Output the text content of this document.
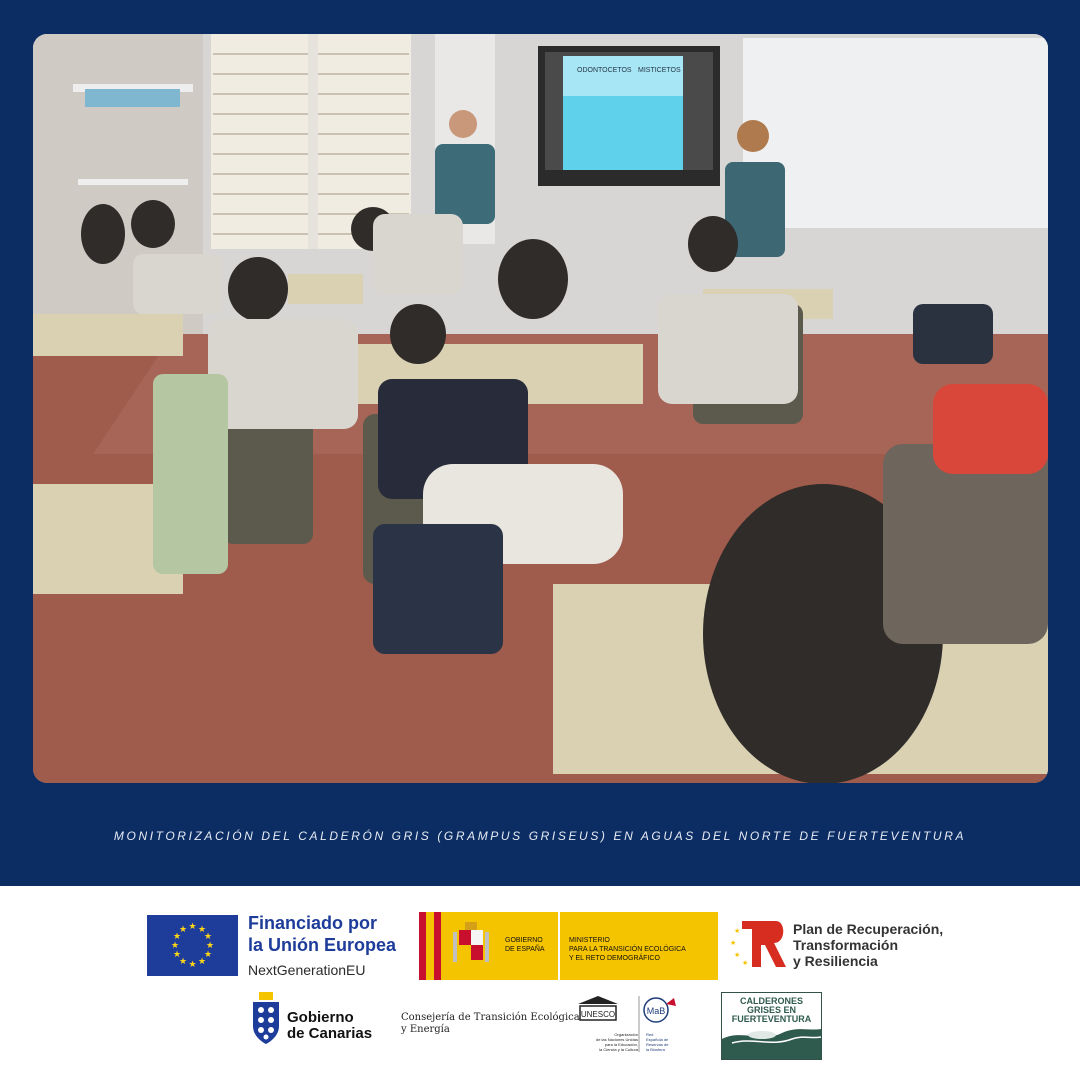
ODONTOCETOS MISTICETOS
MONITORIZACIÓN DEL CALDERÓN GRIS (GRAMPUS GRISEUS) EN AGUAS DEL NORTE DE FUERTEVENTURA
★ ★
★
★
★
★
★
★
★
★
★
★	Financiado por
la Unión Europea
NextGenerationEU
GOBIERNO
DE ESPAÑA
MINISTERIO
PARA LA TRANSICIÓN ECOLÓGICA
Y EL RETO DEMOGRÁFICO
★
★
★
★
Plan de Recuperación,
Transformación
y Resiliencia
Gobierno
de Canarias
Consejería de Transición Ecológica
y Energía
UNESCO	MaB
Organización
de las Naciones Unidas
para la Educación,
la Ciencia y la Cultura
Red
Española de
Reservas de
la Biosfera
CALDERONES
GRISES EN
FUERTEVENTURA
